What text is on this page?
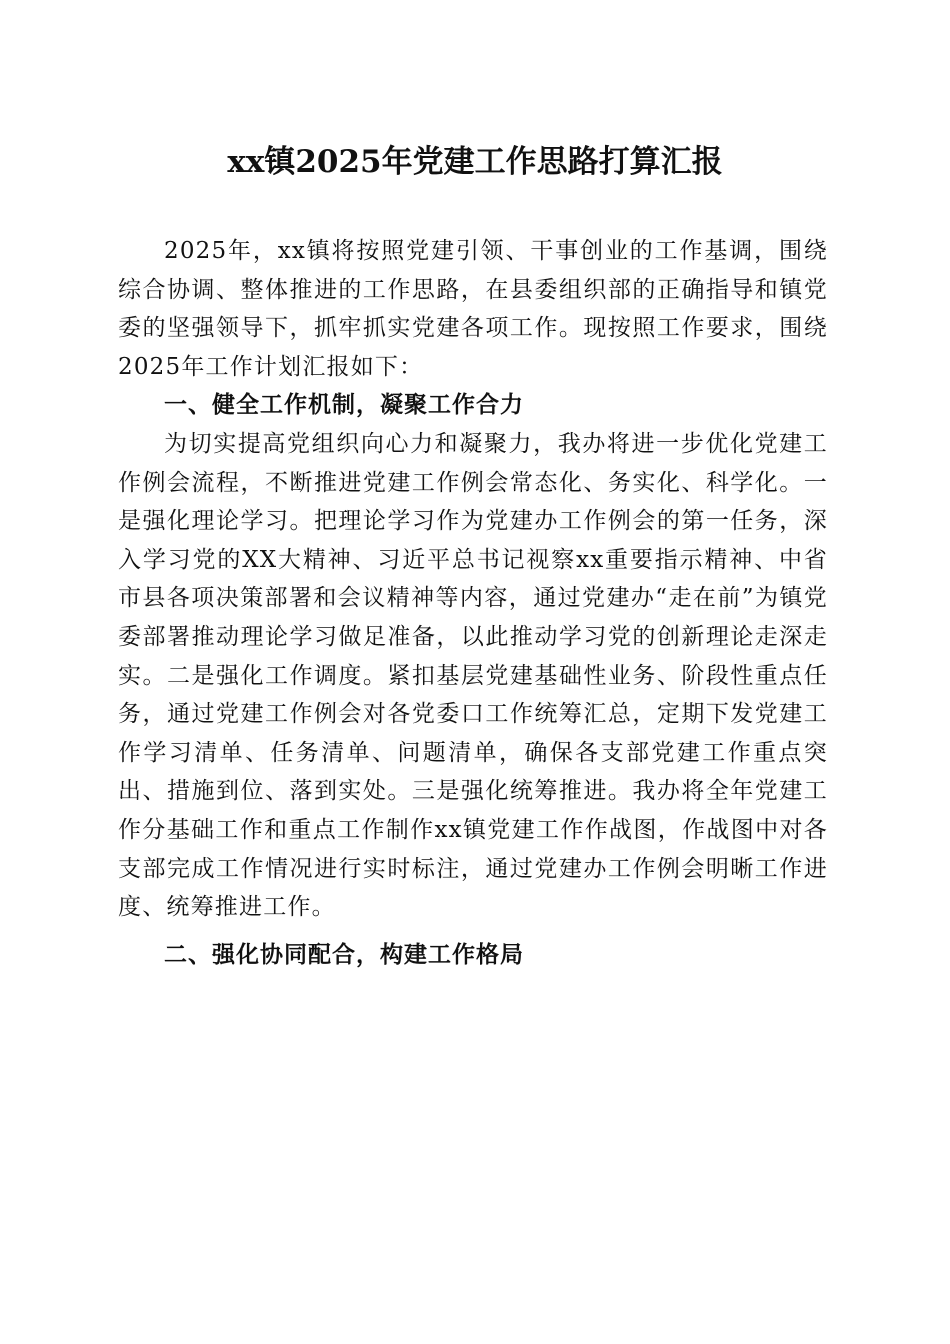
xx镇2025年党建工作思路打算汇报

2025年，xx镇将按照党建引领、干事创业的工作基调，围绕综合协调、整体推进的工作思路，在县委组织部的正确指导和镇党委的坚强领导下，抓牢抓实党建各项工作。现按照工作要求，围绕2025年工作计划汇报如下：

一、健全工作机制，凝聚工作合力

为切实提高党组织向心力和凝聚力，我办将进一步优化党建工作例会流程，不断推进党建工作例会常态化、务实化、科学化。一是强化理论学习。把理论学习作为党建办工作例会的第一任务，深入学习党的XX大精神、习近平总书记视察xx重要指示精神、中省市县各项决策部署和会议精神等内容，通过党建办“走在前”为镇党委部署推动理论学习做足准备，以此推动学习党的创新理论走深走实。二是强化工作调度。紧扣基层党建基础性业务、阶段性重点任务，通过党建工作例会对各党委口工作统筹汇总，定期下发党建工作学习清单、任务清单、问题清单，确保各支部党建工作重点突出、措施到位、落到实处。三是强化统筹推进。我办将全年党建工作分基础工作和重点工作制作xx镇党建工作作战图，作战图中对各支部完成工作情况进行实时标注，通过党建办工作例会明晰工作进度、统筹推进工作。

二、强化协同配合，构建工作格局
